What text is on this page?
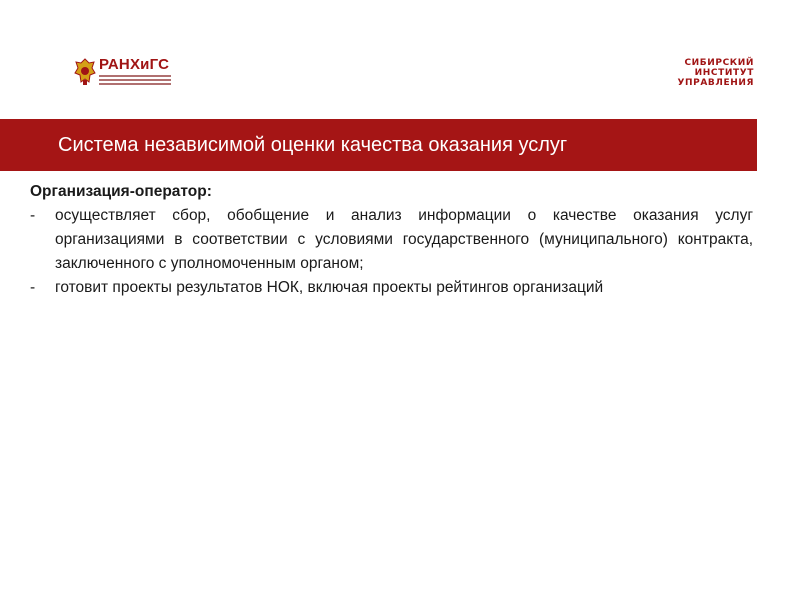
РАНХиГС	СИБИРСКИЙ
ИНСТИТУТ
УПРАВЛЕНИЯ
Система независимой оценки качества оказания услуг
Организация-оператор:
- осуществляет сбор, обобщение и анализ информации о качестве оказания услуг организациями в соответствии с условиями государственного (муниципального) контракта, заключенного с уполномоченным органом;
- готовит проекты результатов НОК, включая проекты рейтингов организаций
